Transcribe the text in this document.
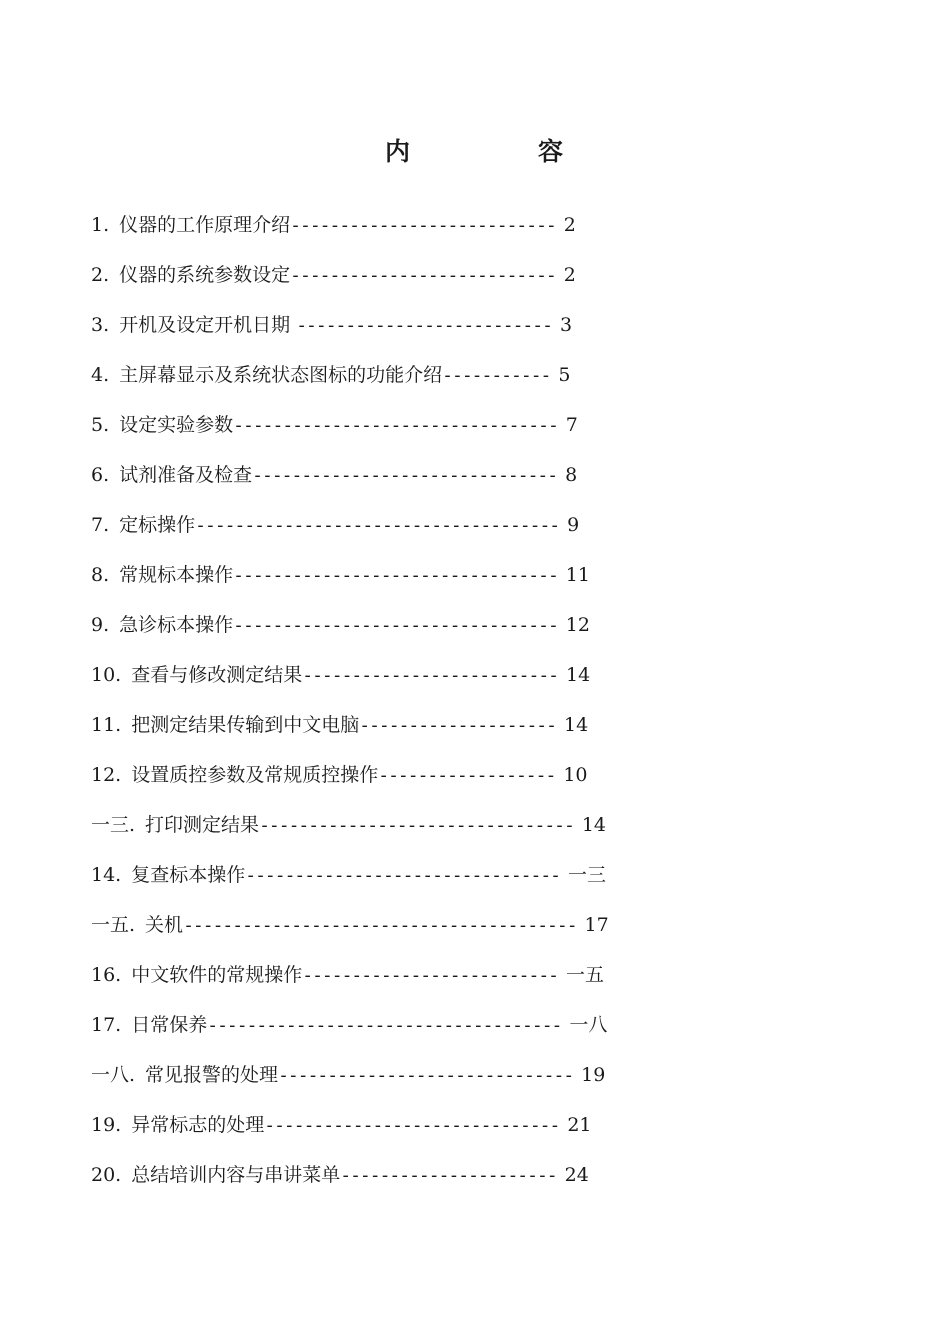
内	容
1. 仪器的工作原理介绍--------------------------- 2
2. 仪器的系统参数设定--------------------------- 2
3. 开机及设定开机日期 -------------------------- 3
4. 主屏幕显示及系统状态图标的功能介绍----------- 5
5. 设定实验参数--------------------------------- 7
6. 试剂准备及检查------------------------------- 8
7. 定标操作------------------------------------- 9
8. 常规标本操作--------------------------------- 11
9. 急诊标本操作--------------------------------- 12
10. 查看与修改测定结果-------------------------- 14
11. 把测定结果传输到中文电脑-------------------- 14
12. 设置质控参数及常规质控操作------------------ 10
一三. 打印测定结果-------------------------------- 14
14. 复查标本操作-------------------------------- 一三
一五. 关机---------------------------------------- 17
16. 中文软件的常规操作-------------------------- 一五
17. 日常保养------------------------------------ 一八
一八. 常见报警的处理------------------------------ 19
19. 异常标志的处理------------------------------ 21
20. 总结培训内容与串讲菜单---------------------- 24
